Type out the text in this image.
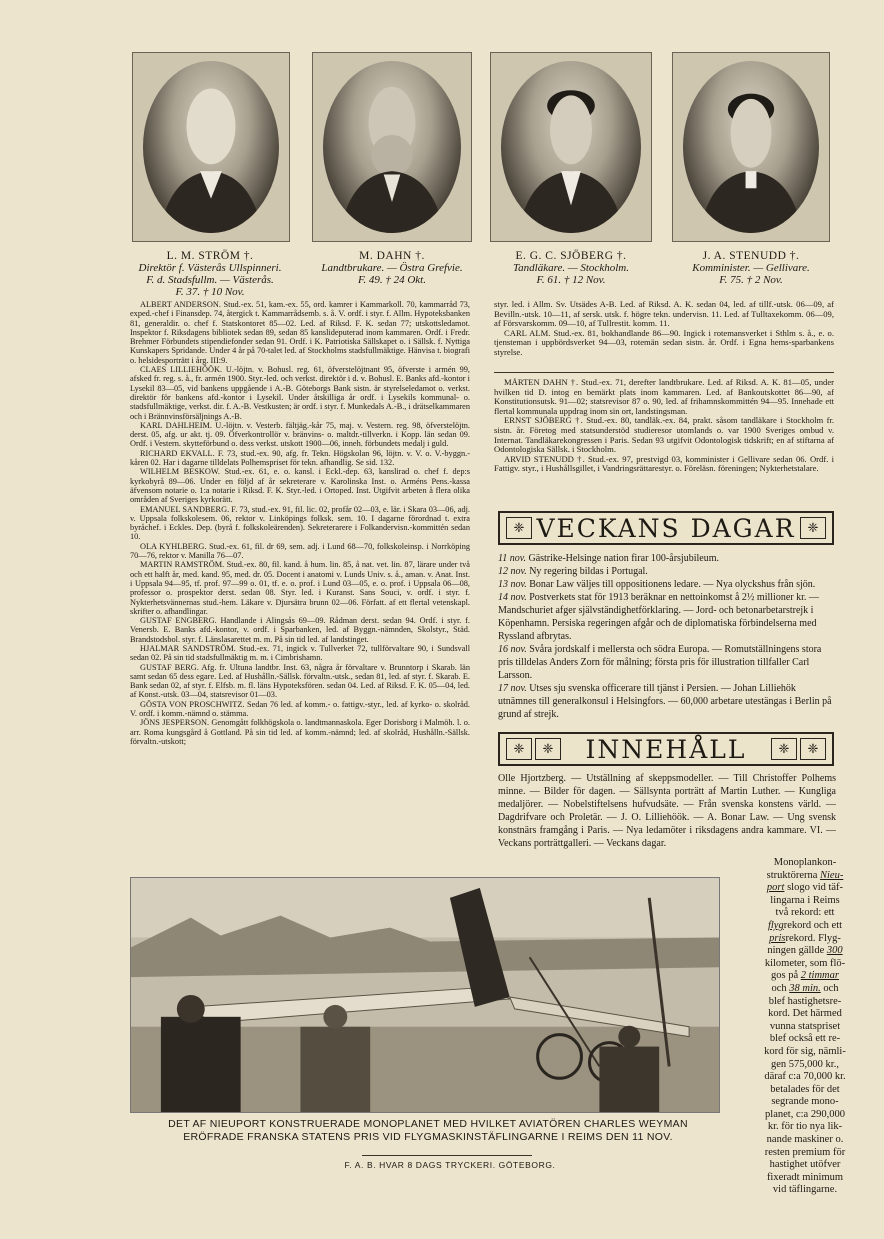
L. M. STRÖM †.
Direktör f. Västerås Ullspinneri.
F. d. Stadsfullm. — Västerås.
F. 37. † 10 Nov.
M. DAHN †.
Landtbrukare. — Östra Grefvie.
F. 49. † 24 Okt.
E. G. C. SJÖBERG †.
Tandläkare. — Stockholm.
F. 61. † 12 Nov.
J. A. STENUDD †.
Komminister. — Gellivare.
F. 75. † 2 Nov.

ALBERT ANDERSON. Stud.-ex. 51, kam.-ex. 55, ord. kamrer i Kammarkoll. 70, kammarråd 73, exped.-chef i Finansdep. 74, återgick t. Kammarrådsemb. s. å. V. ordf. i styr. f. Allm. Hypoteksbanken 81, generaldir. o. chef f. Statskontoret 85—02. Led. af Riksd. F. K. sedan 77; utskottsledamot. Inspektor f. Riksdagens bibliotek sedan 89, sedan 85 kanslideputerad inom kammaren. Ordf. i Fredr. Brehmer Förbundets stipendiefonder sedan 91. Ordf. i K. Patriotiska Sällskapet o. i Sällsk. f. Nyttiga Kunskapers Spridande. Under 4 år på 70-talet led. af Stockholms stadsfullmäktige. Hänvisa t. biografi o. helsidesporträtt i årg. III:9.

CLAES LILLIEHÖÖK. U.-löjtn. v. Bohusl. reg. 61, öfverstelöjtnant 95, öfverste i armén 99, afsked fr. reg. s. å., fr. armén 1900. Styr.-led. och verkst. direktör i d. v. Bohusl. E. Banks afd.-kontor i Lysekil 83—05, vid bankens uppgående i A.-B. Göteborgs Bank sistn. är styrelseledamot o. verkst. direktör för bankens afd.-kontor i Lysekil. Under åtskilliga år ordf. i Lysekils kommunal- o. stadsfullmäktige, verkst. dir. f. A.-B. Vestkusten; är ordf. i styr. f. Munkedals A.-B., i drätselkammaren och i Brännvinsförsäljnings A.-B.

KARL DAHLHEIM. U.-löjtn. v. Vesterb. fältjäg.-kår 75, maj. v. Vestern. reg. 98, öfverstelöjtn. derst. 05, afg. ur akt. tj. 09. Öfverkontrollör v. bränvins- o. maltdr.-tillverkn. i Kopp. län sedan 09. Ordf. i Vestern. skytteförbund o. dess verkst. utskott 1900—06, inneh. förbundets medalj i guld.

RICHARD EKVALL. F. 73, stud.-ex. 90, afg. fr. Tekn. Högskolan 96, löjtn. v. V. o. V.-byggn.-kåren 02. Har i dagarne tilldelats Polhemspriset för tekn. afhandlig. Se sid. 132.

WILHELM BESKOW. Stud.-ex. 61, e. o. kansl. i Eckl.-dep. 63, kanslirad o. chef f. dep:s kyrkobyrå 89—06. Under en följd af år sekreterare v. Karolinska Inst. o. Arméns Pens.-kassa äfvensom notarie o. 1:a notarie i Riksd. F. K. Styr.-led. i Ortoped. Inst. Utgifvit arbeten å flera olika områden af Sveriges kyrkorätt.

EMANUEL SANDBERG. F. 73, stud.-ex. 91, fil. lic. 02, profår 02—03, e. lär. i Skara 03—06, adj. v. Uppsala folkskolesem. 06, rektor v. Linköpings folksk. sem. 10. I dagarne förordnad t. extra byråchef. i Eckles. Dep. (byrå f. folkskoleärenden). Sekreterarere i Folkandervisn.-kommittén sedan 10.

OLA KYHLBERG. Stud.-ex. 61, fil. dr 69, sem. adj. i Lund 68—70, folkskoleinsp. i Norrköping 70—76, rektor v. Manilla 76—07.

MARTIN RAMSTRÖM. Stud.-ex. 80, fil. kand. å hum. lin. 85, å nat. vet. lin. 87, lärare under två och ett halft år, med. kand. 95, med. dr. 05. Docent i anatomi v. Lunds Univ. s. å., aman. v. Anat. Inst. i Uppsala 94—95, tf. prof. 97—99 o. 01, tf. e. o. prof. i Lund 03—05, e. o. prof. i Uppsala 06—08, professor o. prospektor derst. sedan 08. Styr. led. i Kuranst. Sans Souci, v. ordf. i styr. f. Nykterhetsvännernas stud.-hem. Läkare v. Djursätra brunn 02—06. Författ. af ett flertal vetenskapl. skrifter o. afhandlingar.

GUSTAF ENGBERG. Handlande i Alingsås 69—09. Rådman derst. sedan 94. Ordf. i styr. f. Venersb. E. Banks afd.-kontor, v. ordf. i Sparbanken, led. af Byggn.-nämnden, Skolstyr., Städ. Brandstodsbol. styr. f. Länslasarettet m. m. På sin tid led. af landstinget.

HJALMAR SANDSTRÖM. Stud.-ex. 71, ingick v. Tullverket 72, tullförvaltare 90, i Sundsvall sedan 02. På sin tid stadsfullmäktig m. m. i Cimbrishamn.

GUSTAF BERG. Afg. fr. Ultuna landtbr. Inst. 63, några år förvaltare v. Brunntorp i Skarab. län samt sedan 65 dess egare. Led. af Hushålln.-Sällsk. förvaltn.-utsk., sedan 81, led. af styr. f. Skarab. E. Bank sedan 02, af styr. f. Elfsb. m. fl. läns Hypoteksfören. sedan 04. Led. af Riksd. F. K. 05—04, led. af Konst.-utsk. 03—04, statsrevisor 01—03.

GÖSTA VON PROSCHWITZ. Sedan 76 led. af komm.- o. fattigv.-styr., led. af kyrko- o. skolråd. V. ordf. i komm.-nämnd o. stämma.

JÖNS JESPERSON. Genomgått folkhögskola o. landtmannaskola. Eger Dorisborg i Malmöh. l. o. arr. Roma kungsgård å Gottland. På sin tid led. af komm.-nämnd; led. af skolråd, Hushålln.-Sällsk. förvaltn.-utskott;

styr. led. i Allm. Sv. Utsädes A-B. Led. af Riksd. A. K. sedan 04, led. af tillf.-utsk. 06—09, af Bevilln.-utsk. 10—11, af sersk. utsk. f. högre tekn. undervisn. 11. Led. af Tulltaxekomm. 06—09, af Försvarskomm. 09—10, af Tullrestit. komm. 11.

CARL ALM. Stud.-ex. 81, bokhandlande 86—90. Ingick i rotemansverket i Sthlm s. å., e. o. tjensteman i uppbördsverket 94—03, rotemän sedan sistn. år. Ordf. i Egna hems-sparbankens styrelse.

MÅRTEN DAHN †. Stud.-ex. 71, derefter landtbrukare. Led. af Riksd. A. K. 81—05, under hvilken tid D. intog en bemärkt plats inom kammaren. Led. af Bankoutskottet 86—90, af Konstitutionsutsk. 91—02; statsrevisor 87 o. 90, led. af frihamnskommittén 94—95. Innehade ett flertal kommunala uppdrag inom sin ort, landstingsman.

ERNST SJÖBERG †. Stud.-ex. 80, tandläk.-ex. 84, prakt. såsom tandläkare i Stockholm fr. sistn. år. Företog med statsunderstöd studieresor utomlands o. var 1900 Sveriges ombud v. Internat. Tandläkarekongressen i Paris. Sedan 93 utgifvit Odontologisk tidskrift; en af stiftarna af Odontologiska Sällsk. i Stockholm.

ARVID STENUDD †. Stud.-ex. 97, prestvigd 03, komminister i Gellivare sedan 06. Ordf. i Fattigv. styr., i Hushållsgillet, i Vandringsrättarestyr. o. Föreläsn. föreningen; Nykterhetstalare.

❈ VECKANS DAGAR ❈
11 nov. Gästrike-Helsinge nation firar 100-årsjubileum.
12 nov. Ny regering bildas i Portugal.
13 nov. Bonar Law väljes till oppositionens ledare. — Nya olyckshus från sjön.
14 nov. Postverkets stat för 1913 beräknar en nettoinkomst å 2½ millioner kr. — Mandschuriet afger självständighetförklaring. — Jord- och betonarbetarstrejk i Köpenhamn. Persiska regeringen afgår och de diplomatiska förbindelserna med Ryssland afbrytas.
16 nov. Svåra jordskalf i mellersta och södra Europa. — Romutställningens stora pris tilldelas Anders Zorn för målning; första pris för illustration tillfaller Carl Larsson.
17 nov. Utses sju svenska officerare till tjänst i Persien. — Johan Lilliehök utnämnes till generalkonsul i Helsingfors. — 60,000 arbetare utestängas i Berlin på grund af strejk.
❈	❈	INNEHÅLL	❈	❈
Olle Hjortzberg. — Utställning af skeppsmodeller. — Till Christoffer Polhems minne. — Bilder för dagen. — Sällsynta porträtt af Martin Luther. — Kungliga medaljörer. — Nobelstiftelsens hufvudsäte. — Från svenska konstens värld. — Dagdrifvare och Proletär. — J. O. Lilliehöök. — A. Bonar Law. — Ung svensk konstnärs framgång i Paris. — Nya ledamöter i riksdagens andra kammare. VI. — Veckans porträttgalleri. — Veckans dagar.
Monoplankon-
struktörerna Nieu-
port slogo vid täf-
lingarna i Reims
två rekord: ett
flygrekord och ett
prisrekord. Flyg-
ningen gällde 300
kilometer, som flö-
gos på 2 timmar
och 38 min. och
blef hastighetsre-
kord. Det härmed
vunna statspriset
blef också ett re-
kord för sig, nämli-
gen 575,000 kr.,
däraf c:a 70,000 kr.
betalades för det
segrande mono-
planet, c:a 290,000
kr. för tio nya lik-
nande maskiner o.
resten premium för
hastighet utöfver
fixeradt minimum
vid täflingarne.
DET AF NIEUPORT KONSTRUERADE MONOPLANET MED HVILKET AVIATÖREN CHARLES WEYMAN
ERÖFRADE FRANSKA STATENS PRIS VID FLYGMASKINSTÄFLINGARNE I REIMS DEN 11 NOV.
F. A. B. HVAR 8 DAGS TRYCKERI. GÖTEBORG.
